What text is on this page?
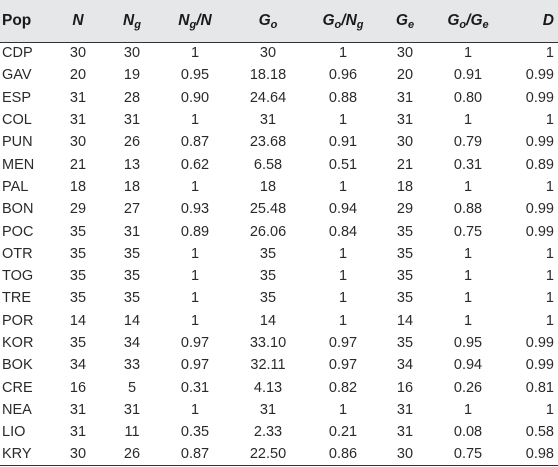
Pop	N	$N_g$	$N_g/N$	$G_o$	$G_o/N_g$	$G_e$	$G_o/G_e$	D
CDP	30	30	1	30	1	30	1	1
GAV	20	19	0.95	18.18	0.96	20	0.91	0.99
ESP	31	28	0.90	24.64	0.88	31	0.80	0.99
COL	31	31	1	31	1	31	1	1
PUN	30	26	0.87	23.68	0.91	30	0.79	0.99
MEN	21	13	0.62	6.58	0.51	21	0.31	0.89
PAL	18	18	1	18	1	18	1	1
BON	29	27	0.93	25.48	0.94	29	0.88	0.99
POC	35	31	0.89	26.06	0.84	35	0.75	0.99
OTR	35	35	1	35	1	35	1	1
TOG	35	35	1	35	1	35	1	1
TRE	35	35	1	35	1	35	1	1
POR	14	14	1	14	1	14	1	1
KOR	35	34	0.97	33.10	0.97	35	0.95	0.99
BOK	34	33	0.97	32.11	0.97	34	0.94	0.99
CRE	16	5	0.31	4.13	0.82	16	0.26	0.81
NEA	31	31	1	31	1	31	1	1
LIO	31	11	0.35	2.33	0.21	31	0.08	0.58
KRY	30	26	0.87	22.50	0.86	30	0.75	0.98
